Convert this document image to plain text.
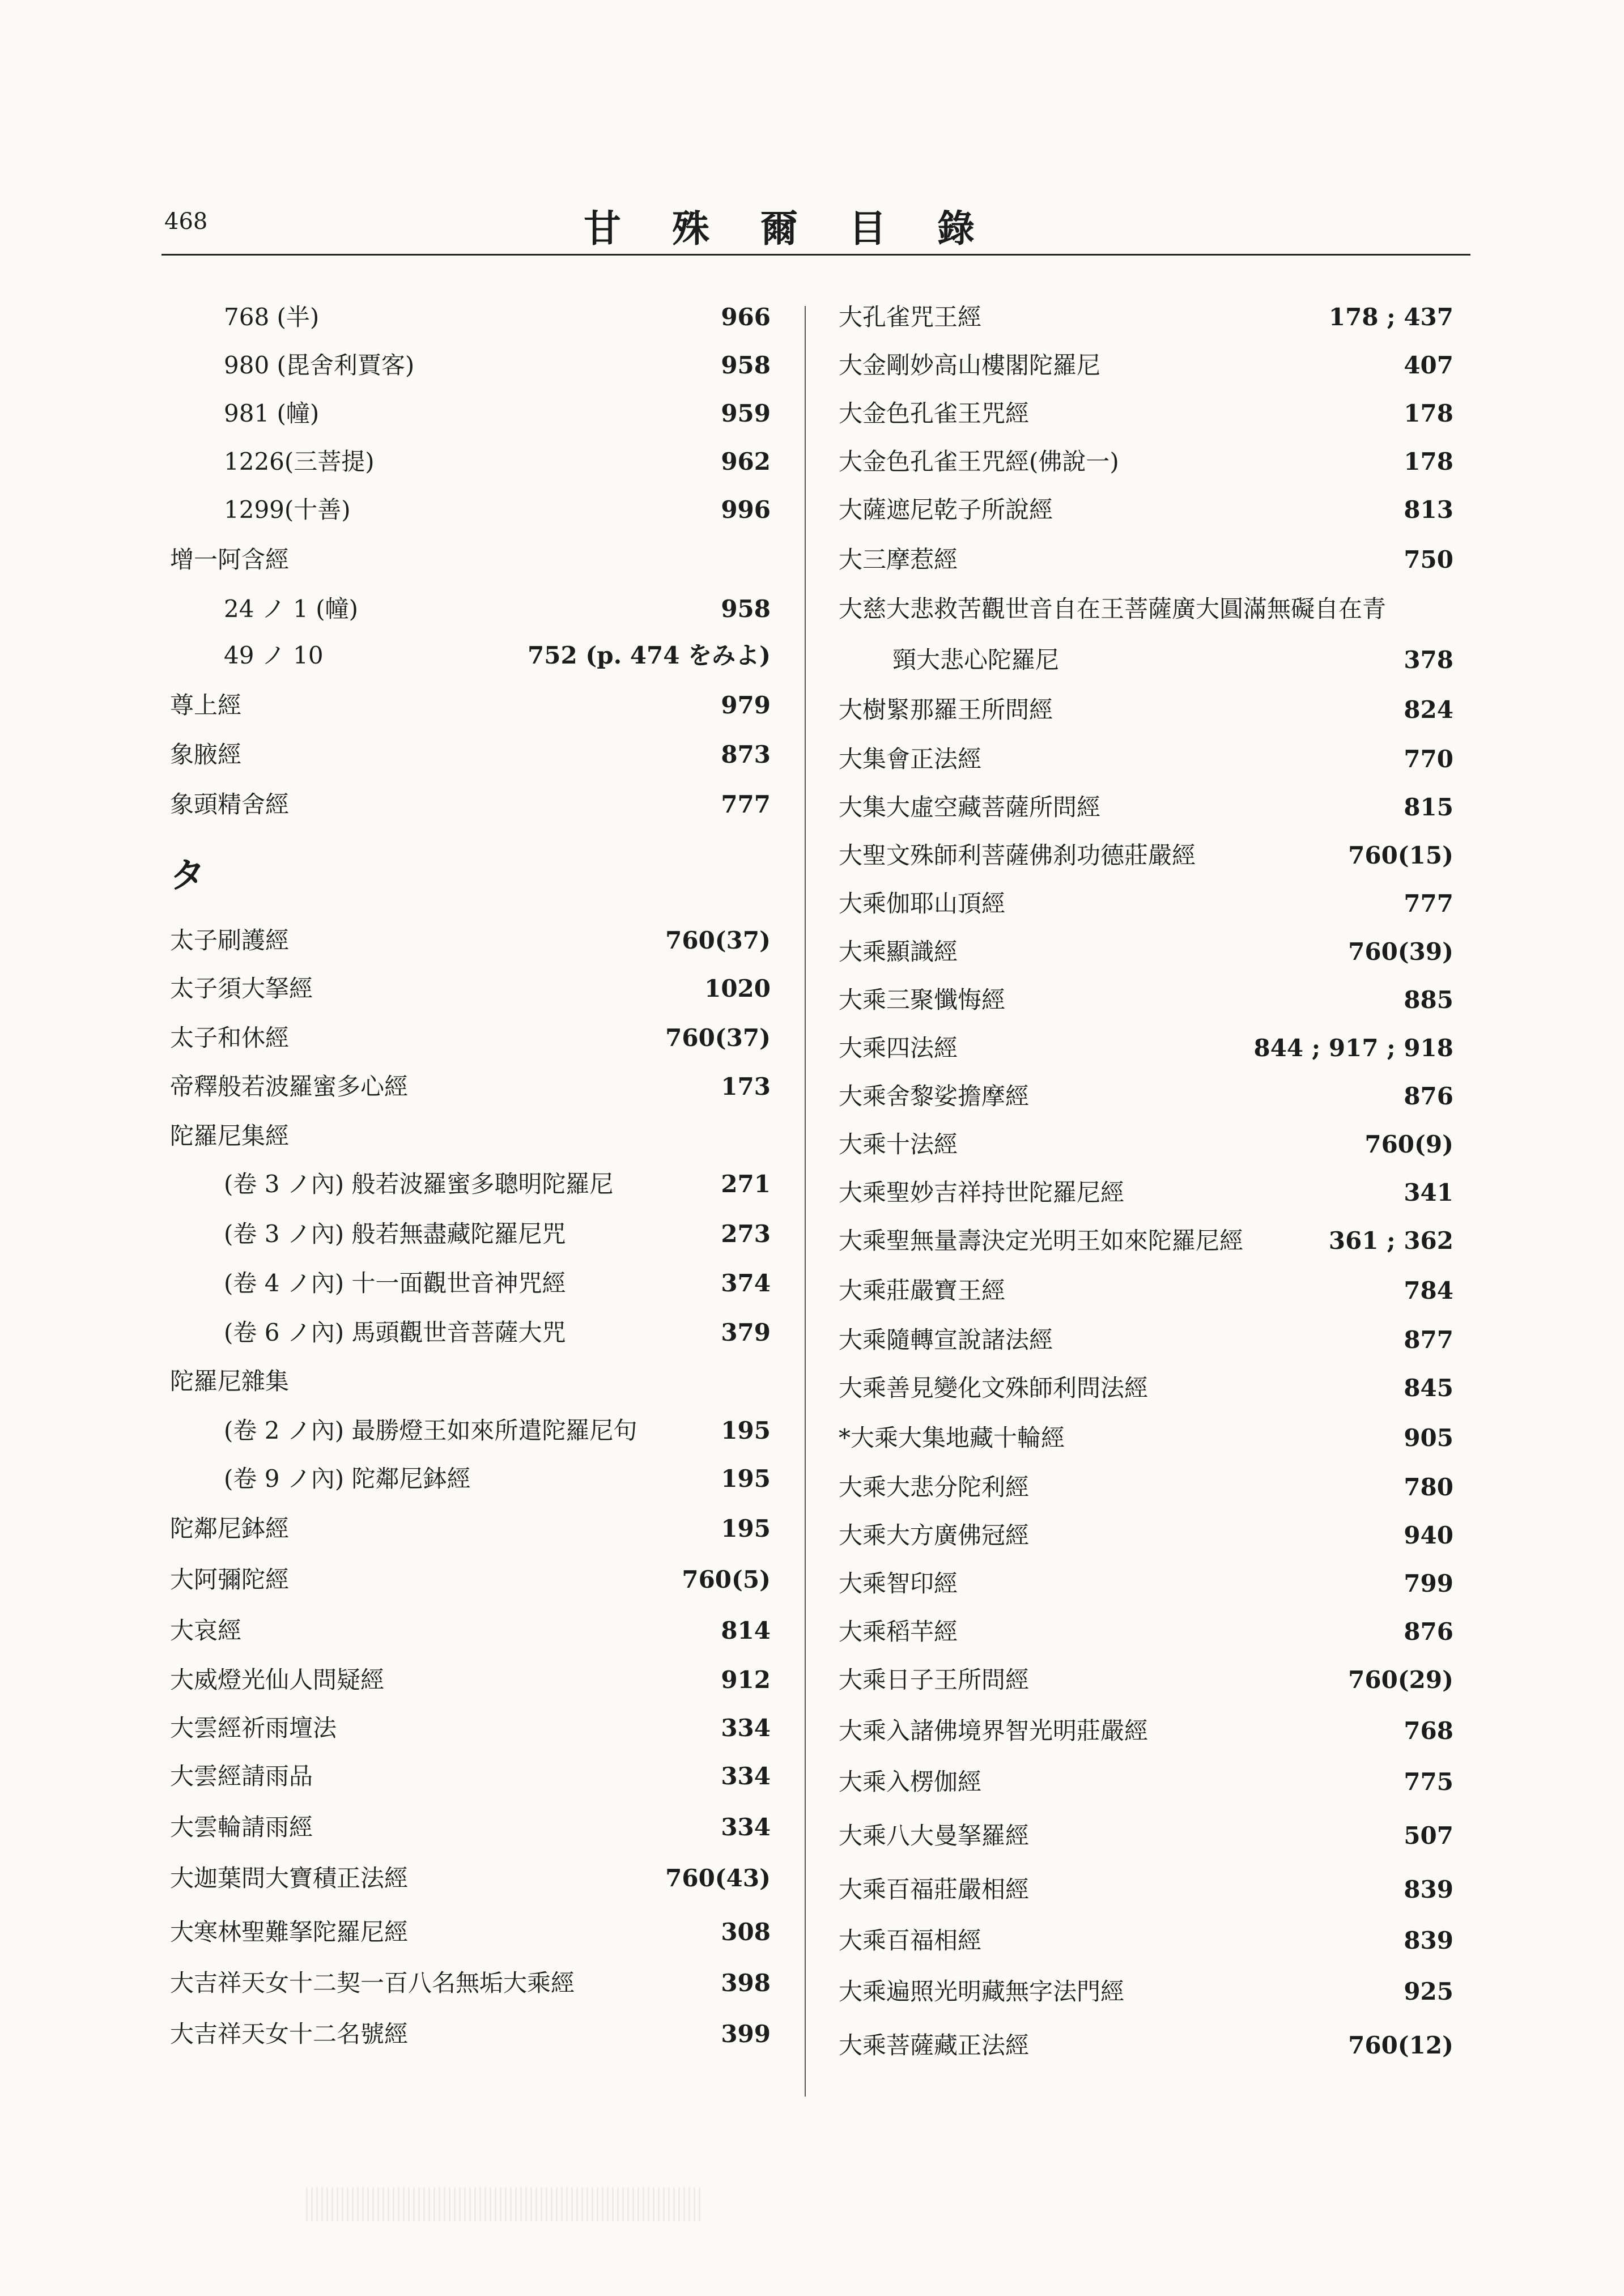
468	甘殊爾目錄
768 (半)	966
980 (毘舍利賈客)	958
981 (幢)	959
1226(三菩提)	962
1299(十善)	996
增一阿含經
24 ノ 1 (幢)	958
49 ノ 10	752 (p. 474 をみよ)
尊上經	979
象腋經	873
象頭精舍經	777
タ
太子刷護經	760(37)
太子須大拏經	1020
太子和休經	760(37)
帝釋般若波羅蜜多心經	173
陀羅尼集經
(卷 3 ノ內) 般若波羅蜜多聰明陀羅尼	271
(卷 3 ノ內) 般若無盡藏陀羅尼咒	273
(卷 4 ノ內) 十一面觀世音神咒經	374
(卷 6 ノ內) 馬頭觀世音菩薩大咒	379
陀羅尼雜集
(卷 2 ノ內) 最勝燈王如來所遣陀羅尼句	195
(卷 9 ノ內) 陀鄰尼鉢經	195
陀鄰尼鉢經	195
大阿彌陀經	760(5)
大哀經	814
大威燈光仙人問疑經	912
大雲經祈雨壇法	334
大雲經請雨品	334
大雲輪請雨經	334
大迦葉問大寶積正法經	760(43)
大寒林聖難拏陀羅尼經	308
大吉祥天女十二契一百八名無垢大乘經	398
大吉祥天女十二名號經	399
大孔雀咒王經	178 ; 437
大金剛妙高山樓閣陀羅尼	407
大金色孔雀王咒經	178
大金色孔雀王咒經(佛說一)	178
大薩遮尼乾子所說經	813
大三摩惹經	750
大慈大悲救苦觀世音自在王菩薩廣大圓滿無礙自在青
頸大悲心陀羅尼	378
大樹緊那羅王所問經	824
大集會正法經	770
大集大虛空藏菩薩所問經	815
大聖文殊師利菩薩佛刹功德莊嚴經	760(15)
大乘伽耶山頂經	777
大乘顯識經	760(39)
大乘三聚懺悔經	885
大乘四法經	844 ; 917 ; 918
大乘舍黎娑擔摩經	876
大乘十法經	760(9)
大乘聖妙吉祥持世陀羅尼經	341
大乘聖無量壽決定光明王如來陀羅尼經	361 ; 362
大乘莊嚴寶王經	784
大乘隨轉宣說諸法經	877
大乘善見變化文殊師利問法經	845
*大乘大集地藏十輪經	905
大乘大悲分陀利經	780
大乘大方廣佛冠經	940
大乘智印經	799
大乘稻芉經	876
大乘日子王所問經	760(29)
大乘入諸佛境界智光明莊嚴經	768
大乘入楞伽經	775
大乘八大曼拏羅經	507
大乘百福莊嚴相經	839
大乘百福相經	839
大乘遍照光明藏無字法門經	925
大乘菩薩藏正法經	760(12)
